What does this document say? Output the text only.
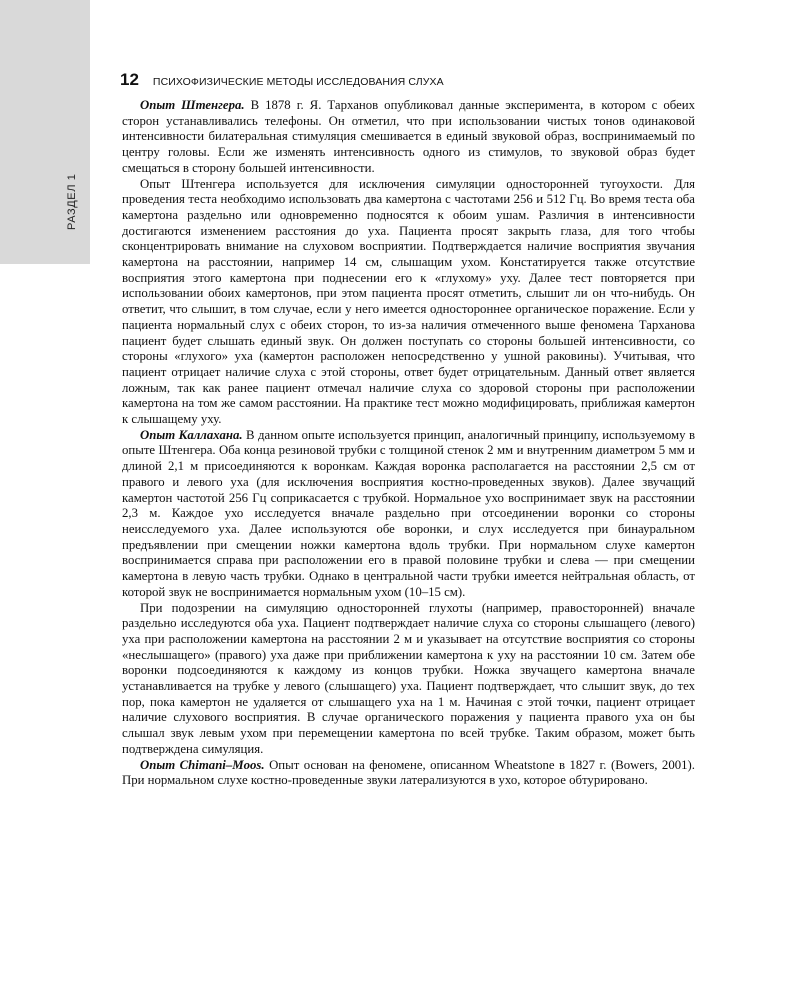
РАЗДЕЛ 1
12 ПСИХОФИЗИЧЕСКИЕ МЕТОДЫ ИССЛЕДОВАНИЯ СЛУХА

Опыт Штенгера. В 1878 г. Я. Тарханов опубликовал данные эксперимента, в котором с обеих сторон устанавливались телефоны. Он отметил, что при использовании чистых тонов одинаковой интенсивности билатеральная стимуляция смешивается в единый звуковой образ, воспринимаемый по центру головы. Если же изменять интенсивность одного из стимулов, то звуковой образ будет смещаться в сторону большей интенсивности.

Опыт Штенгера используется для исключения симуляции односторонней тугоухости. Для проведения теста необходимо использовать два камертона с частотами 256 и 512 Гц. Во время теста оба камертона раздельно или одновременно подносятся к обоим ушам. Различия в интенсивности достигаются изменением расстояния до уха. Пациента просят закрыть глаза, для того чтобы сконцентрировать внимание на слуховом восприятии. Подтверждается наличие восприятия звучания камертона на расстоянии, например 14 см, слышащим ухом. Констатируется также отсутствие восприятия этого камертона при поднесении его к «глухому» уху. Далее тест повторяется при использовании обоих камертонов, при этом пациента просят отметить, слышит ли он что-нибудь. Он ответит, что слышит, в том случае, если у него имеется одностороннее органическое поражение. Если у пациента нормальный слух с обеих сторон, то из-за наличия отмеченного выше феномена Тарханова пациент будет слышать единый звук. Он должен поступать со стороны большей интенсивности, со стороны «глухого» уха (камертон расположен непосредственно у ушной раковины). Учитывая, что пациент отрицает наличие слуха с этой стороны, ответ будет отрицательным. Данный ответ является ложным, так как ранее пациент отмечал наличие слуха со здоровой стороны при расположении камертона на том же самом расстоянии. На практике тест можно модифицировать, приближая камертон к слышащему уху.

Опыт Каллахана. В данном опыте используется принцип, аналогичный принципу, используемому в опыте Штенгера. Оба конца резиновой трубки с толщиной стенок 2 мм и внутренним диаметром 5 мм и длиной 2,1 м присоединяются к воронкам. Каждая воронка располагается на расстоянии 2,5 см от правого и левого уха (для исключения восприятия костно-проведенных звуков). Далее звучащий камертон частотой 256 Гц соприкасается с трубкой. Нормальное ухо воспринимает звук на расстоянии 2,3 м. Каждое ухо исследуется вначале раздельно при отсоединении воронки со стороны неисследуемого уха. Далее используются обе воронки, и слух исследуется при бинауральном предъявлении при смещении ножки камертона вдоль трубки. При нормальном слухе камертон воспринимается справа при расположении его в правой половине трубки и слева — при смещении камертона в левую часть трубки. Однако в центральной части трубки имеется нейтральная область, от которой звук не воспринимается нормальным ухом (10–15 см).

При подозрении на симуляцию односторонней глухоты (например, правосторонней) вначале раздельно исследуются оба уха. Пациент подтверждает наличие слуха со стороны слышащего (левого) уха при расположении камертона на расстоянии 2 м и указывает на отсутствие восприятия со стороны «неслышащего» (правого) уха даже при приближении камертона к уху на расстоянии 10 см. Затем обе воронки подсоединяются к каждому из концов трубки. Ножка звучащего камертона вначале устанавливается на трубке у левого (слышащего) уха. Пациент подтверждает, что слышит звук, до тех пор, пока камертон не удаляется от слышащего уха на 1 м. Начиная с этой точки, пациент отрицает наличие слухового восприятия. В случае органического поражения у пациента правого уха он бы слышал звук левым ухом при перемещении камертона по всей трубке. Таким образом, может быть подтверждена симуляция.

Опыт Chimani–Moos. Опыт основан на феномене, описанном Wheatstone в 1827 г. (Bowers, 2001). При нормальном слухе костно-проведенные звуки латерализуются в ухо, которое обтурировано.
